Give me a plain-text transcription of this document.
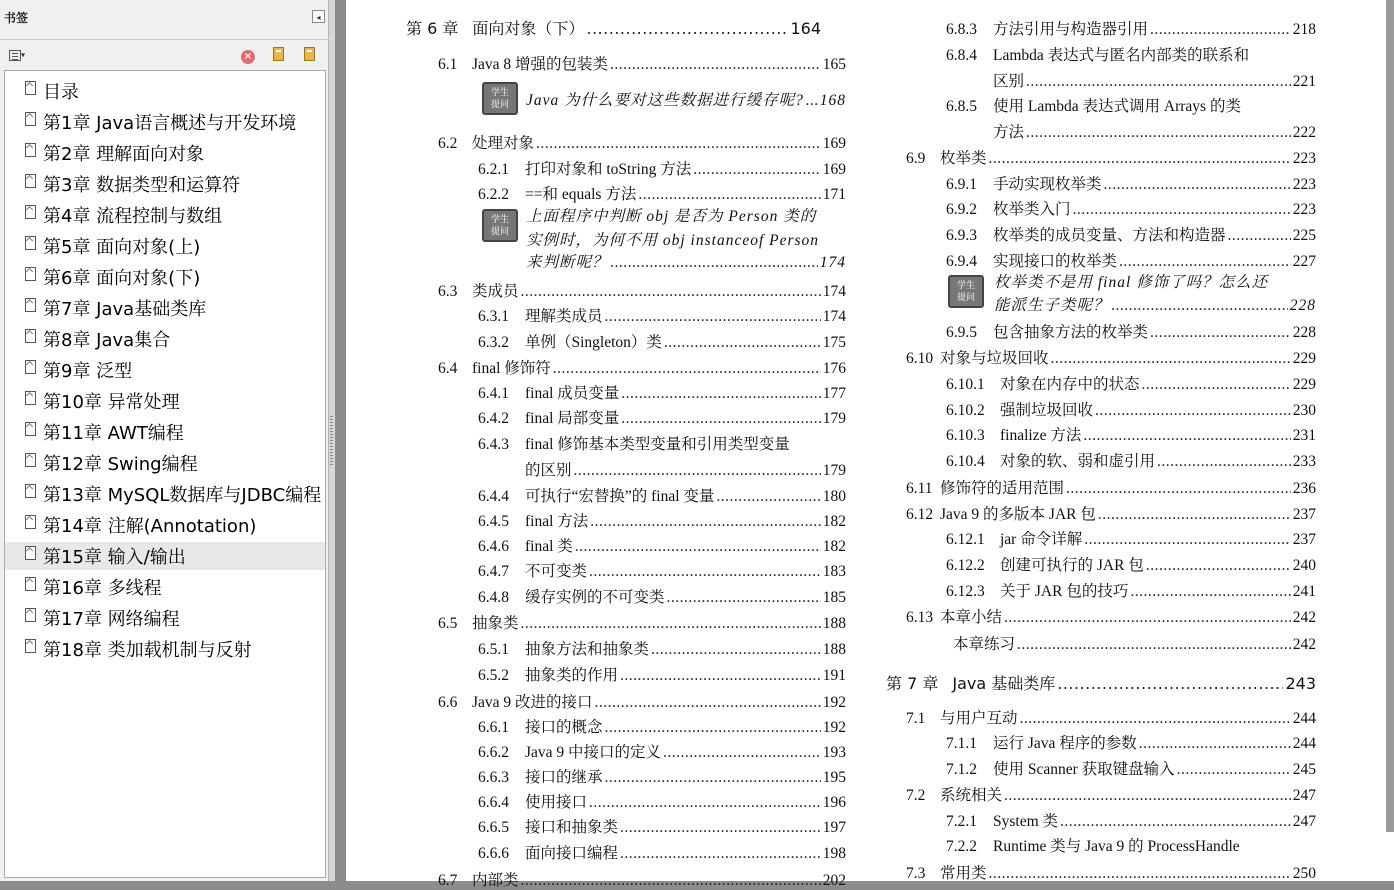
书签	◂
▾	×
目录
第1章 Java语言概述与开发环境
第2章 理解面向对象
第3章 数据类型和运算符
第4章 流程控制与数组
第5章 面向对象(上)
第6章 面向对象(下)
第7章 Java基础类库
第8章 Java集合
第9章 泛型
第10章 异常处理
第11章 AWT编程
第12章 Swing编程
第13章 MySQL数据库与JDBC编程
第14章 注解(Annotation)
第15章 输入/输出
第16章 多线程
第17章 网络编程
第18章 类加载机制与反射
第 6 章 面向对象（下） .....	164
6.1 Java 8 增强的包装类 .....	165
Java 为什么要对这些数据进行缓存呢? ..... 168
6.2 处理对象 .....	169
6.2.1	打印对象和 toString 方法 .....	169
6.2.2	==和 equals 方法 .....	171
上面程序中判断 obj 是否为 Person 类的
实例时，为何不用 obj instanceof Person
来判断呢？ .....	174
6.3 类成员 .....	174
6.3.1	理解类成员 .....	174
6.3.2	单例（Singleton）类 .....	175
6.4 final 修饰符 .....	176
6.4.1	final 成员变量 .....	177
6.4.2	final 局部变量 .....	179
6.4.3	final 修饰基本类型变量和引用类型变量
的区别 .....	179
6.4.4	可执行“宏替换”的 final 变量 .....	180
6.4.5	final 方法 .....	182
6.4.6	final 类 .....	182
6.4.7	不可变类 .....	183
6.4.8	缓存实例的不可变类 .....	185
6.5 抽象类 .....	188
6.5.1	抽象方法和抽象类 .....	188
6.5.2	抽象类的作用 .....	191
6.6 Java 9 改进的接口 .....	192
6.6.1	接口的概念 .....	192
6.6.2	Java 9 中接口的定义 .....	193
6.6.3	接口的继承 .....	195
6.6.4	使用接口 .....	196
6.6.5	接口和抽象类 .....	197
6.6.6	面向接口编程 .....	198
6.7 内部类 .....	202
学生
提问
学生
提问
6.8.3	方法引用与构造器引用 .....	218
6.8.4	Lambda 表达式与匿名内部类的联系和
区别 .....	221
6.8.5	使用 Lambda 表达式调用 Arrays 的类
方法 .....	222
6.9 枚举类 .....	223
6.9.1	手动实现枚举类 .....	223
6.9.2	枚举类入门 .....	223
6.9.3	枚举类的成员变量、方法和构造器 .....	225
6.9.4	实现接口的枚举类 .....	227
枚举类不是用 final 修饰了吗？怎么还
能派生子类呢？ .....	228
6.9.5	包含抽象方法的枚举类 .....	228
6.10 对象与垃圾回收 .....	229
6.10.1 对象在内存中的状态 .....	229
6.10.2 强制垃圾回收 .....	230
6.10.3 finalize 方法 .....	231
6.10.4 对象的软、弱和虚引用 .....	233
6.11 修饰符的适用范围 .....	236
6.12 Java 9 的多版本 JAR 包 .....	237
6.12.1 jar 命令详解 .....	237
6.12.2 创建可执行的 JAR 包 .....	240
6.12.3 关于 JAR 包的技巧 .....	241
6.13 本章小结 .....	242
本章练习 .....	242
第 7 章 Java 基础类库 .....	243
7.1 与用户互动 .....	244
7.1.1	运行 Java 程序的参数 .....	244
7.1.2	使用 Scanner 获取键盘输入 .....	245
7.2 系统相关 .....	247
7.2.1	System 类 .....	247
7.2.2	Runtime 类与 Java 9 的 ProcessHandle
7.3 常用类 .....	250
学生
提问
